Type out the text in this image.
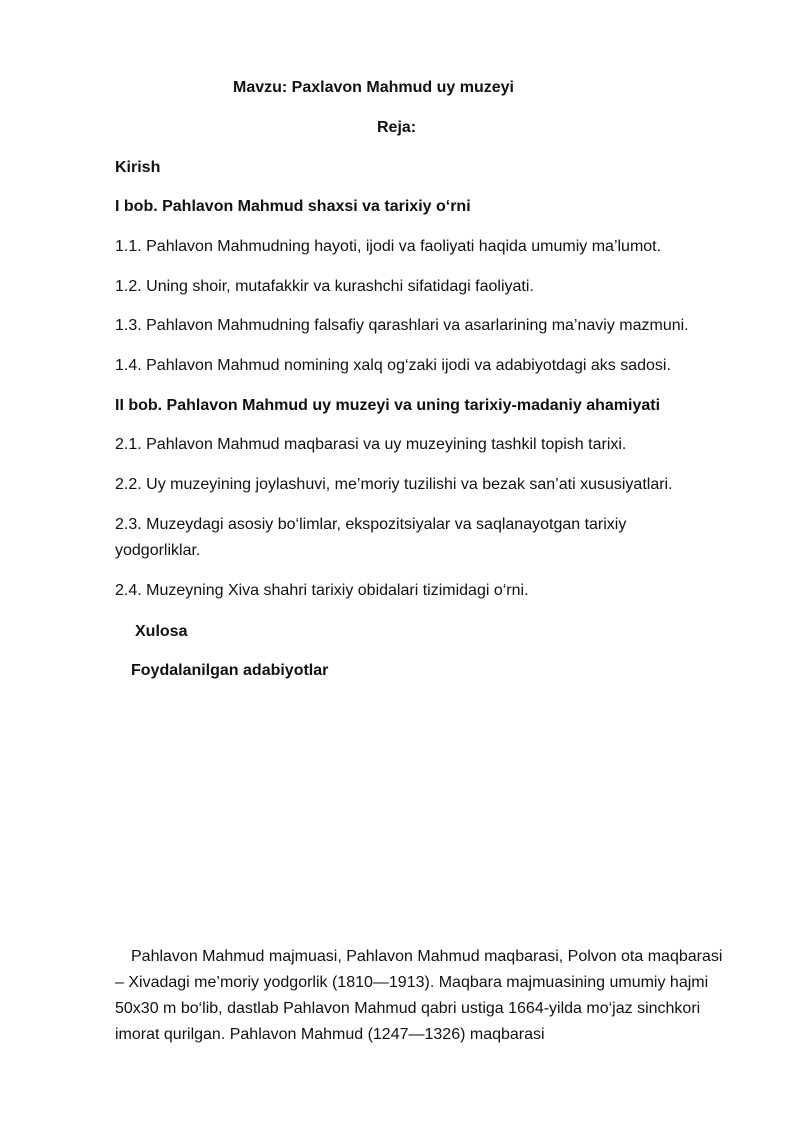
Mavzu: Paxlavon Mahmud uy muzeyi
Reja:
Kirish
I bob. Pahlavon Mahmud shaxsi va tarixiy o‘rni
1.1. Pahlavon Mahmudning hayoti, ijodi va faoliyati haqida umumiy ma’lumot.
1.2. Uning shoir, mutafakkir va kurashchi sifatidagi faoliyati.
1.3. Pahlavon Mahmudning falsafiy qarashlari va asarlarining ma’naviy mazmuni.
1.4. Pahlavon Mahmud nomining xalq og‘zaki ijodi va adabiyotdagi aks sadosi.
II bob. Pahlavon Mahmud uy muzeyi va uning tarixiy-madaniy ahamiyati
2.1. Pahlavon Mahmud maqbarasi va uy muzeyining tashkil topish tarixi.
2.2. Uy muzeyining joylashuvi, me’moriy tuzilishi va bezak san’ati xususiyatlari.
2.3. Muzeydagi asosiy bo‘limlar, ekspozitsiyalar va saqlanayotgan tarixiy yodgorliklar.
2.4. Muzeyning Xiva shahri tarixiy obidalari tizimidagi o‘rni.
Xulosa
Foydalanilgan adabiyotlar
Pahlavon Mahmud majmuasi, Pahlavon Mahmud maqbarasi, Polvon ota maqbarasi – Xivadagi me’moriy yodgorlik (1810—1913). Maqbara majmuasining umumiy hajmi 50x30 m bo‘lib, dastlab Pahlavon Mahmud qabri ustiga 1664-yilda mo‘jaz sinchkori imorat qurilgan. Pahlavon Mahmud (1247—1326) maqbarasi
